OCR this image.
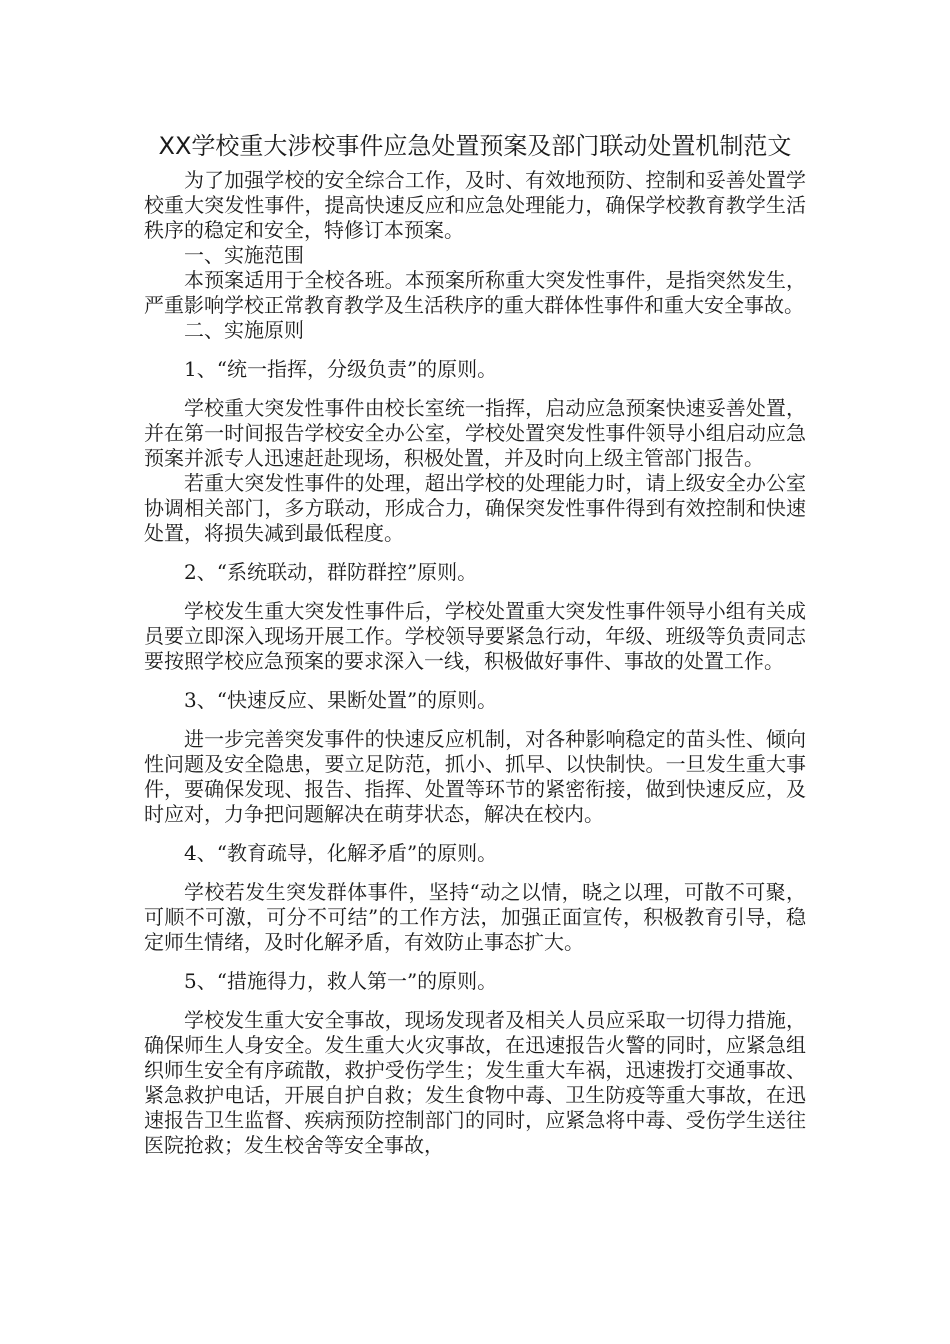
XX学校重大涉校事件应急处置预案及部门联动处置机制范文

为了加强学校的安全综合工作，及时、有效地预防、控制和妥善处置学校重大突发性事件，提高快速反应和应急处理能力，确保学校教育教学生活秩序的稳定和安全，特修订本预案。

一、实施范围

本预案适用于全校各班。本预案所称重大突发性事件，是指突然发生，严重影响学校正常教育教学及生活秩序的重大群体性事件和重大安全事故。

二、实施原则

1、“统一指挥，分级负责”的原则。

学校重大突发性事件由校长室统一指挥，启动应急预案快速妥善处置，并在第一时间报告学校安全办公室，学校处置突发性事件领导小组启动应急预案并派专人迅速赶赴现场，积极处置，并及时向上级主管部门报告。

若重大突发性事件的处理，超出学校的处理能力时，请上级安全办公室协调相关部门，多方联动，形成合力，确保突发性事件得到有效控制和快速处置，将损失减到最低程度。

2、“系统联动，群防群控”原则。

学校发生重大突发性事件后，学校处置重大突发性事件领导小组有关成员要立即深入现场开展工作。学校领导要紧急行动，年级、班级等负责同志要按照学校应急预案的要求深入一线，积极做好事件、事故的处置工作。

3、“快速反应、果断处置”的原则。

进一步完善突发事件的快速反应机制，对各种影响稳定的苗头性、倾向性问题及安全隐患，要立足防范，抓小、抓早、以快制快。一旦发生重大事件，要确保发现、报告、指挥、处置等环节的紧密衔接，做到快速反应，及时应对，力争把问题解决在萌芽状态，解决在校内。

4、“教育疏导，化解矛盾”的原则。

学校若发生突发群体事件，坚持“动之以情，晓之以理，可散不可聚，可顺不可激，可分不可结”的工作方法，加强正面宣传，积极教育引导，稳定师生情绪，及时化解矛盾，有效防止事态扩大。

5、“措施得力，救人第一”的原则。

学校发生重大安全事故，现场发现者及相关人员应采取一切得力措施，确保师生人身安全。发生重大火灾事故，在迅速报告火警的同时，应紧急组织师生安全有序疏散，救护受伤学生；发生重大车祸，迅速拨打交通事故、紧急救护电话，开展自护自救；发生食物中毒、卫生防疫等重大事故，在迅速报告卫生监督、疾病预防控制部门的同时，应紧急将中毒、受伤学生送往医院抢救；发生校舍等安全事故，
